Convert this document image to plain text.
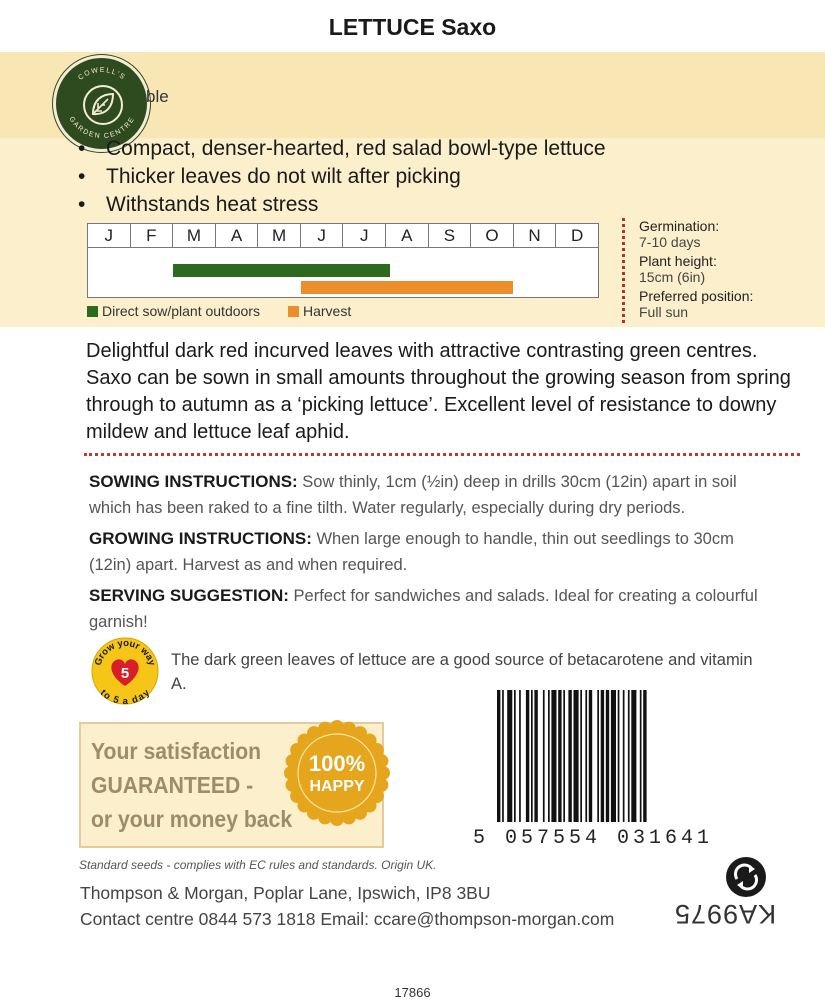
LETTUCE Saxo
COWELL'S
GARDEN CENTRE
ble
• Compact, denser-hearted, red salad bowl-type lettuce
• Thicker leaves do not wilt after picking
• Withstands heat stress
J	F	M	A	M	J	J	A	S	O	N	D
Direct sow/plant outdoors	Harvest
Germination:
7-10 days
Plant height:
15cm (6in)
Preferred position:
Full sun
Delightful dark red incurved leaves with attractive contrasting green centres. Saxo can be sown in small amounts throughout the growing season from spring through to autumn as a ‘picking lettuce’. Excellent level of resistance to downy mildew and lettuce leaf aphid.
SOWING INSTRUCTIONS: Sow thinly, 1cm (½in) deep in drills 30cm (12in) apart in soil which has been raked to a fine tilth. Water regularly, especially during dry periods.
GROWING INSTRUCTIONS: When large enough to handle, thin out seedlings to 30cm (12in) apart. Harvest as and when required.
SERVING SUGGESTION: Perfect for sandwiches and salads. Ideal for creating a colourful garnish!
Grow your way
to 5 a day
5
The dark green leaves of lettuce are a good source of betacarotene and vitamin A.
Your satisfaction
GUARANTEED -
or your money back
100%
HAPPY
5 057554 031641
Standard seeds - complies with EC rules and standards. Origin UK.
Thompson & Morgan, Poplar Lane, Ipswich, IP8 3BU
Contact centre 0844 573 1818 Email: ccare@thompson-morgan.com KA9975
17866
